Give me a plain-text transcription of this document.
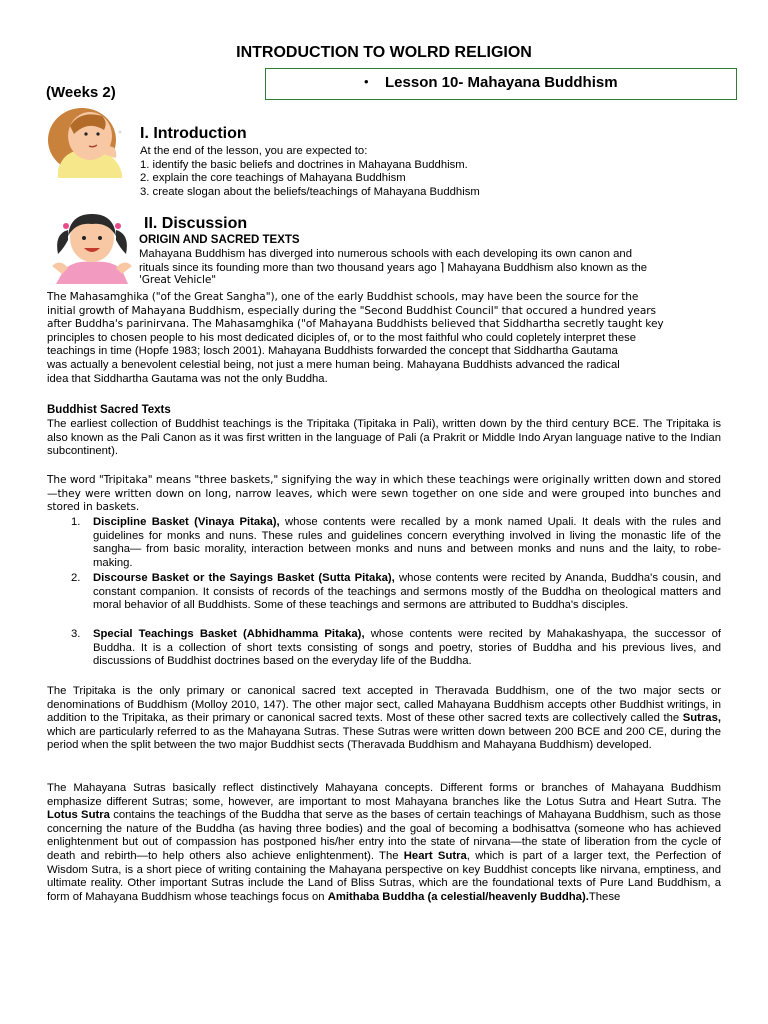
INTRODUCTION TO WOLRD RELIGION
(Weeks 2)
• Lesson 10- Mahayana Buddhism
I. Introduction
At the end of the lesson, you are expected to:
1. identify the basic beliefs and doctrines in Mahayana Buddhism.
2. explain the core teachings of Mahayana Buddhism
3. create slogan about the beliefs/teachings of Mahayana Buddhism
II. Discussion
ORIGIN AND SACRED TEXTS
Mahayana Buddhism has diverged into numerous schools with each developing its own canon and
rituals since its founding more than two thousand years ago ⌉ Mahayana Buddhism also known as the
'Great Vehicle"
The Mahasamghika ("of the Great Sangha"), one of the early Buddhist schools, may have been the source for the
initial growth of Mahayana Buddhism, especially during the "Second Buddhist Council" that occured a hundred years
after Buddha's parinirvana. The Mahasamghika ("of Mahayana Buddhists believed that Siddhartha secretly taught key
principles to chosen people to his most dedicated diciples of, or to the most faithful who could copletely interpret these
teachings in time (Hopfe 1983; losch 2001). Mahayana Buddhists forwarded the concept that Siddhartha Gautama
was actually a benevolent celestial being, not just a mere human being. Mahayana Buddhists advanced the radical
idea that Siddhartha Gautama was not the only Buddha.
Buddhist Sacred Texts
The earliest collection of Buddhist teachings is the Tripitaka (Tipitaka in Pali), written down by the third century BCE. The Tripitaka is also known as the Pali Canon as it was first written in the language of Pali (a Prakrit or Middle Indo Aryan language native to the Indian subcontinent).
The word "Tripitaka" means "three baskets," signifying the way in which these teachings were originally written down and stored—they were written down on long, narrow leaves, which were sewn together on one side and were grouped into bunches and stored in baskets.
1. Discipline Basket (Vinaya Pitaka), whose contents were recalled by a monk named Upali. It deals with the rules and guidelines for monks and nuns. These rules and guidelines concern everything involved in living the monastic life of the sangha— from basic morality, interaction between monks and nuns and between monks and nuns and the laity, to robe-making.
2. Discourse Basket or the Sayings Basket (Sutta Pitaka), whose contents were recited by Ananda, Buddha's cousin, and constant companion. It consists of records of the teachings and sermons mostly of the Buddha on theological matters and moral behavior of all Buddhists. Some of these teachings and sermons are attributed to Buddha's disciples.
3. Special Teachings Basket (Abhidhamma Pitaka), whose contents were recited by Mahakashyapa, the successor of Buddha. It is a collection of short texts consisting of songs and poetry, stories of Buddha and his previous lives, and discussions of Buddhist doctrines based on the everyday life of the Buddha.
The Tripitaka is the only primary or canonical sacred text accepted in Theravada Buddhism, one of the two major sects or denominations of Buddhism (Molloy 2010, 147). The other major sect, called Mahayana Buddhism accepts other Buddhist writings, in addition to the Tripitaka, as their primary or canonical sacred texts. Most of these other sacred texts are collectively called the Sutras, which are particularly referred to as the Mahayana Sutras. These Sutras were written down between 200 BCE and 200 CE, during the period when the split between the two major Buddhist sects (Theravada Buddhism and Mahayana Buddhism) developed.
The Mahayana Sutras basically reflect distinctively Mahayana concepts. Different forms or branches of Mahayana Buddhism emphasize different Sutras; some, however, are important to most Mahayana branches like the Lotus Sutra and Heart Sutra. The Lotus Sutra contains the teachings of the Buddha that serve as the bases of certain teachings of Mahayana Buddhism, such as those concerning the nature of the Buddha (as having three bodies) and the goal of becoming a bodhisattva (someone who has achieved enlightenment but out of compassion has postponed his/her entry into the state of nirvana—the state of liberation from the cycle of death and rebirth—to help others also achieve enlightenment). The Heart Sutra, which is part of a larger text, the Perfection of Wisdom Sutra, is a short piece of writing containing the Mahayana perspective on key Buddhist concepts like nirvana, emptiness, and ultimate reality. Other important Sutras include the Land of Bliss Sutras, which are the foundational texts of Pure Land Buddhism, a form of Mahayana Buddhism whose teachings focus on Amithaba Buddha (a celestial/heavenly Buddha).These
